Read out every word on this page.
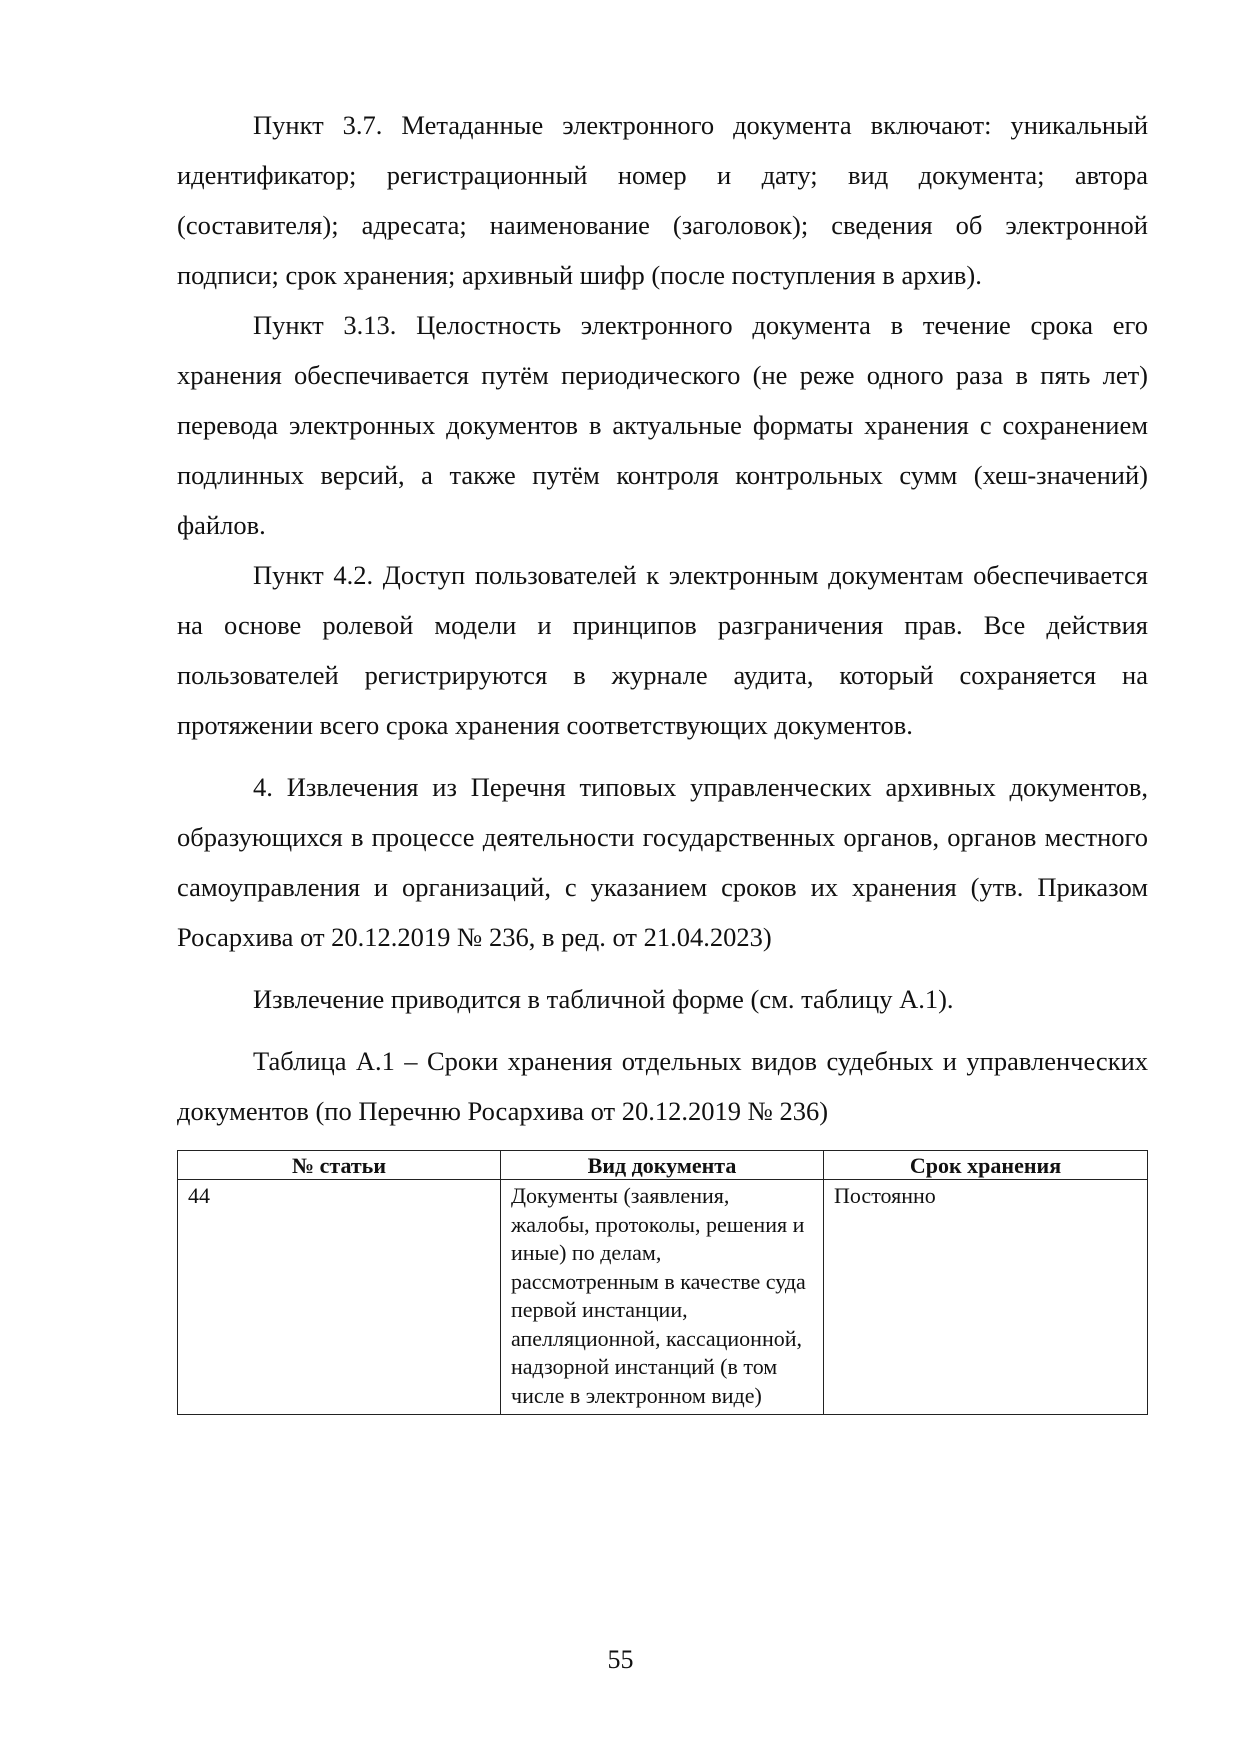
Пункт 3.7. Метаданные электронного документа включают: уникальный идентификатор; регистрационный номер и дату; вид документа; автора (составителя); адресата; наименование (заголовок); сведения об электронной подписи; срок хранения; архивный шифр (после поступления в архив).

Пункт 3.13. Целостность электронного документа в течение срока его хранения обеспечивается путём периодического (не реже одного раза в пять лет) перевода электронных документов в актуальные форматы хранения с сохранением подлинных версий, а также путём контроля контрольных сумм (хеш-значений) файлов.

Пункт 4.2. Доступ пользователей к электронным документам обеспечивается на основе ролевой модели и принципов разграничения прав. Все действия пользователей регистрируются в журнале аудита, который сохраняется на протяжении всего срока хранения соответствующих документов.

4. Извлечения из Перечня типовых управленческих архивных документов, образующихся в процессе деятельности государственных органов, органов местного самоуправления и организаций, с указанием сроков их хранения (утв. Приказом Росархива от 20.12.2019 № 236, в ред. от 21.04.2023)

Извлечение приводится в табличной форме (см. таблицу А.1).

Таблица А.1 – Сроки хранения отдельных видов судебных и управленческих документов (по Перечню Росархива от 20.12.2019 № 236)

№ статьи	Вид документа	Срок хранения
44	Документы (заявления, жалобы, протоколы, решения и иные) по делам, рассмотренным в качестве суда первой инстанции, апелляционной, кассационной, надзорной инстанций (в том числе в электронном виде)	Постоянно
55
